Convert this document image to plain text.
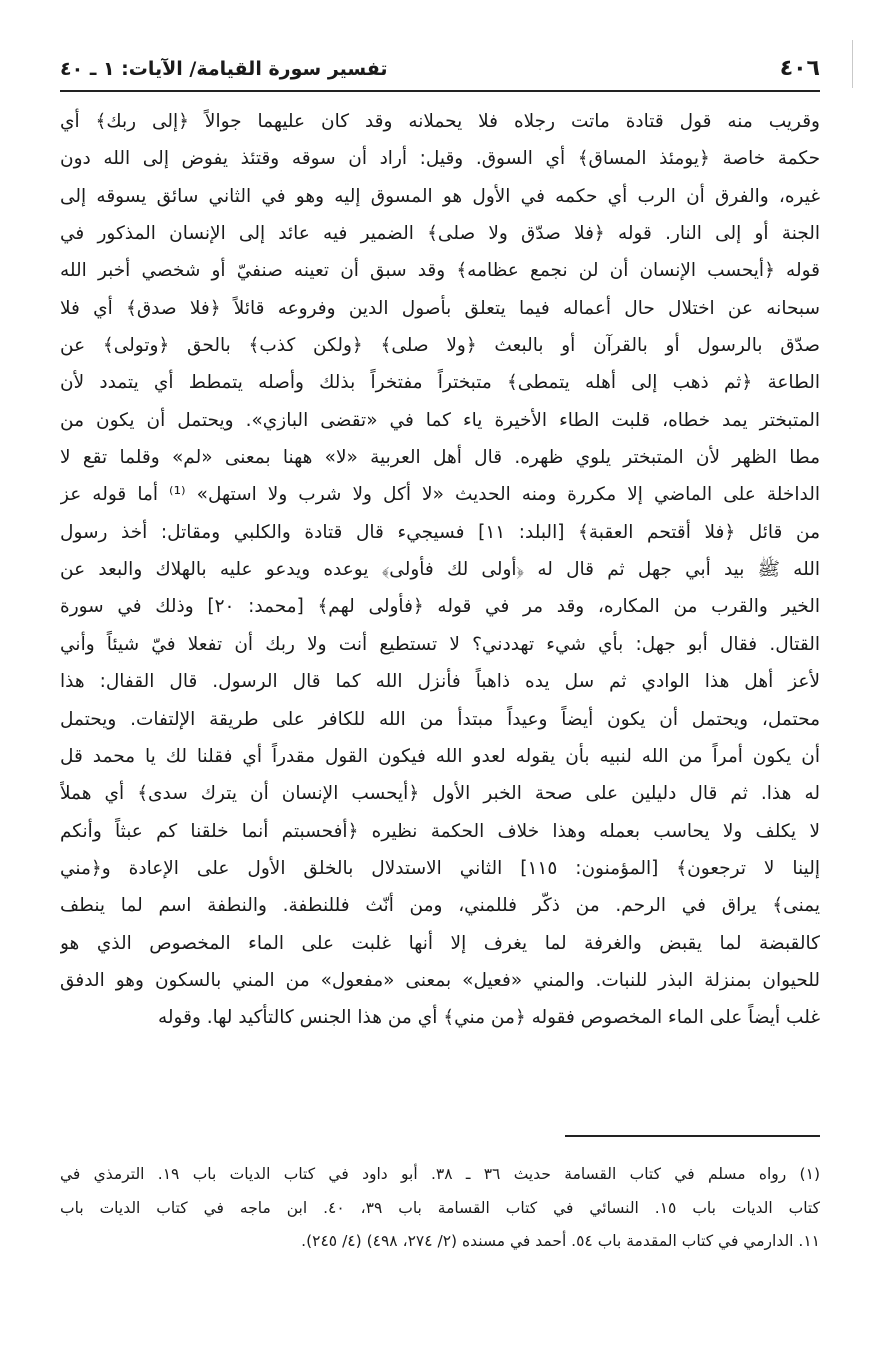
٤٠٦
تفسير سورة القيامة/ الآيات: ١ ـ ٤٠
وقريب منه قول قتادة ماتت رجلاه فلا يحملانه وقد كان عليهما جوالاً ﴿إلى ربك﴾ أي
حكمة خاصة ﴿يومئذ المساق﴾ أي السوق. وقيل: أراد أن سوقه وقتئذ يفوض إلى الله دون
غيره، والفرق أن الرب أي حكمه في الأول هو المسوق إليه وهو في الثاني سائق يسوقه إلى
الجنة أو إلى النار. قوله ﴿فلا صدّق ولا صلى﴾ الضمير فيه عائد إلى الإنسان المذكور في
قوله ﴿أيحسب الإنسان أن لن نجمع عظامه﴾ وقد سبق أن تعينه صنفيّ أو شخصي أخبر الله
سبحانه عن اختلال حال أعماله فيما يتعلق بأصول الدين وفروعه قائلاً ﴿فلا صدق﴾ أي فلا
صدّق بالرسول أو بالقرآن أو بالبعث ﴿ولا صلى﴾ ﴿ولكن كذب﴾ بالحق ﴿وتولى﴾ عن
الطاعة ﴿ثم ذهب إلى أهله يتمطى﴾ متبختراً مفتخراً بذلك وأصله يتمطط أي يتمدد لأن
المتبختر يمد خطاه، قلبت الطاء الأخيرة ياء كما في «تقضى البازي». ويحتمل أن يكون من
مطا الظهر لأن المتبختر يلوي ظهره. قال أهل العربية «لا» ههنا بمعنى «لم» وقلما تقع لا
الداخلة على الماضي إلا مكررة ومنه الحديث «لا أكل ولا شرب ولا استهل» ⁽¹⁾ أما قوله عز
من قائل ﴿فلا أقتحم العقبة﴾ [البلد: ١١] فسيجيء قال قتادة والكلبي ومقاتل: أخذ رسول
الله ﷺ بيد أبي جهل ثم قال له ﴿أولى لك فأولى﴾ يوعده ويدعو عليه بالهلاك والبعد عن
الخير والقرب من المكاره، وقد مر في قوله ﴿فأولى لهم﴾ [محمد: ٢٠] وذلك في سورة
القتال. فقال أبو جهل: بأي شيء تهددني؟ لا تستطيع أنت ولا ربك أن تفعلا فيّ شيئاً وأني
لأعز أهل هذا الوادي ثم سل يده ذاهباً فأنزل الله كما قال الرسول. قال القفال: هذا
محتمل، ويحتمل أن يكون أيضاً وعيداً مبتدأ من الله للكافر على طريقة الإلتفات. ويحتمل
أن يكون أمراً من الله لنبيه بأن يقوله لعدو الله فيكون القول مقدراً أي فقلنا لك يا محمد قل
له هذا. ثم قال دليلين على صحة الخبر الأول ﴿أيحسب الإنسان أن يترك سدى﴾ أي هملاً
لا يكلف ولا يحاسب بعمله وهذا خلاف الحكمة نظيره ﴿أفحسبتم أنما خلقنا كم عبثاً وأنكم
إلينا لا ترجعون﴾ [المؤمنون: ١١٥] الثاني الاستدلال بالخلق الأول على الإعادة و﴿مني
يمنى﴾ يراق في الرحم. من ذكّر فللمني، ومن أنّث فللنطفة. والنطفة اسم لما ينطف
كالقبضة لما يقبض والغرفة لما يغرف إلا أنها غلبت على الماء المخصوص الذي هو
للحيوان بمنزلة البذر للنبات. والمني «فعيل» بمعنى «مفعول» من المني بالسكون وهو الدفق
غلب أيضاً على الماء المخصوص فقوله ﴿من مني﴾ أي من هذا الجنس كالتأكيد لها. وقوله
(١) رواه مسلم في كتاب القسامة حديث ٣٦ ـ ٣٨. أبو داود في كتاب الديات باب ١٩. الترمذي في
كتاب الديات باب ١٥. النسائي في كتاب القسامة باب ٣٩، ٤٠. ابن ماجه في كتاب الديات باب
١١. الدارمي في كتاب المقدمة باب ٥٤. أحمد في مسنده (٢/ ٢٧٤، ٤٩٨) (٤/ ٢٤٥).
